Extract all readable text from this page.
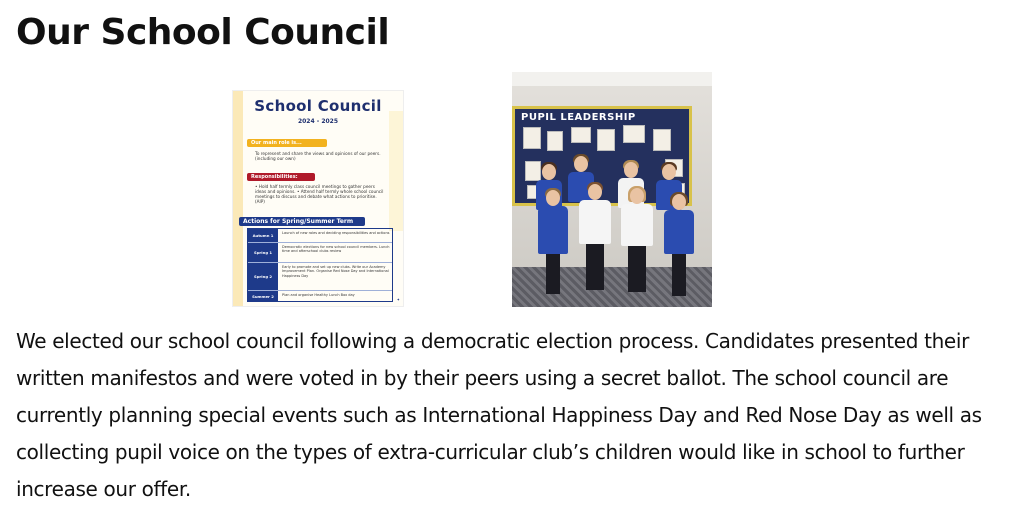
Our School Council
School Council
2024 - 2025
Our main role is...
To represent and share the views and opinions of our peers. (including our own)
Responsibilities:
• Hold half termly class council meetings to gather peers ideas and opinions. • Attend half termly whole school council meetings to discuss and debate what actions to prioritise. (AIP)
Actions for Spring/Summer Term
Autumn 1	Launch of new roles and deciding responsibilities and actions
Spring 1
Democratic elections for new school council members. Lunch time and afterschool clubs review
Spring 2
Early to promote and set up new clubs. Write our Academy Improvement Plan. Organise Red Nose Day and International Happiness Day
Summer 2	Plan and organise Healthy Lunch Box day
✦
PUPIL LEADERSHIP

We elected our school council following a democratic election process. Candidates presented their written manifestos and were voted in by their peers using a secret ballot. The school council are currently planning special events such as International Happiness Day and Red Nose Day as well as collecting pupil voice on the types of extra-curricular club’s children would like in school to further increase our offer.
